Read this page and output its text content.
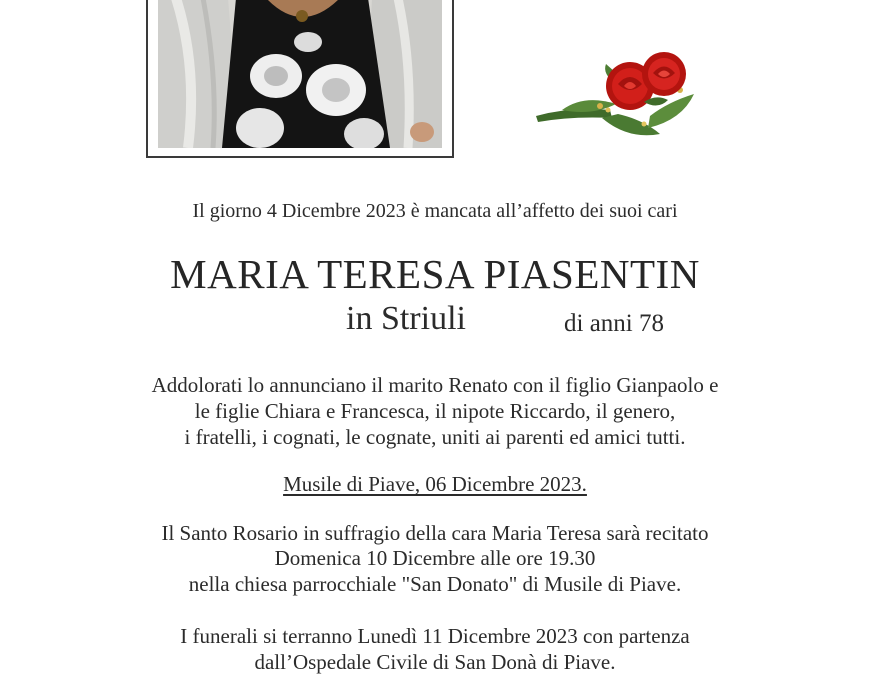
Il giorno 4 Dicembre 2023 è mancata all’affetto dei suoi cari
MARIA TERESA PIASENTIN
in Striuli	di anni 78
Addolorati lo annunciano il marito Renato con il figlio Gianpaolo e
le figlie Chiara e Francesca, il nipote Riccardo, il genero,
i fratelli, i cognati, le cognate, uniti ai parenti ed amici tutti.
Musile di Piave, 06 Dicembre 2023.
Il Santo Rosario in suffragio della cara Maria Teresa sarà recitato
Domenica 10 Dicembre alle ore 19.30
nella chiesa parrocchiale "San Donato" di Musile di Piave.
I funerali si terranno Lunedì 11 Dicembre 2023 con partenza
dall’Ospedale Civile di San Donà di Piave.
